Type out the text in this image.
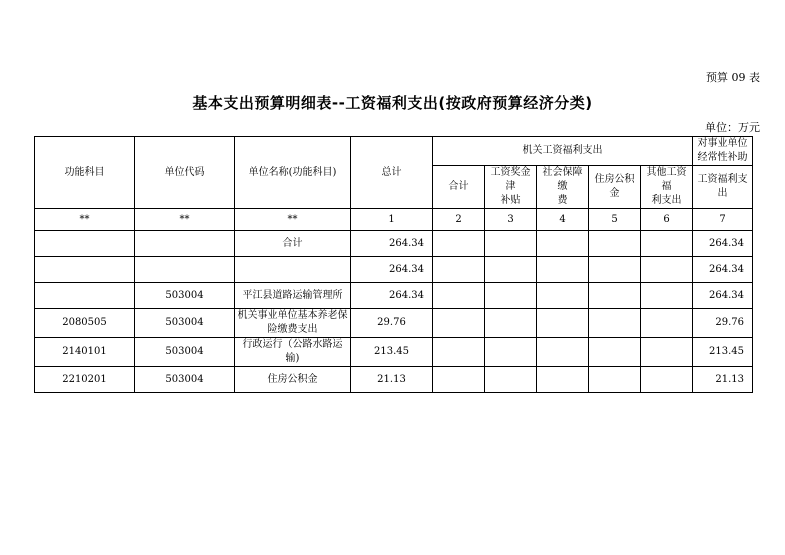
预算 09 表
基本支出预算明细表--工资福利支出(按政府预算经济分类)
单位：万元
功能科目	单位代码	单位名称(功能科目)	总计	机关工资福利支出					对事业单位
经常性补助

				合计	工资奖金津
补贴	社会保障缴
费	住房公积金	其他工资福
利支出	工资福利支
出

**	**	**	1	2	3	4	5	6	7
		合计	264.34						264.34
			264.34						264.34
	503004	平江县道路运输管理所	264.34						264.34
2080505	503004	机关事业单位基本养老保
险缴费支出	29.76						29.76
2140101	503004	行政运行（公路水路运输)	213.45						213.45
2210201	503004	住房公积金	21.13						21.13
